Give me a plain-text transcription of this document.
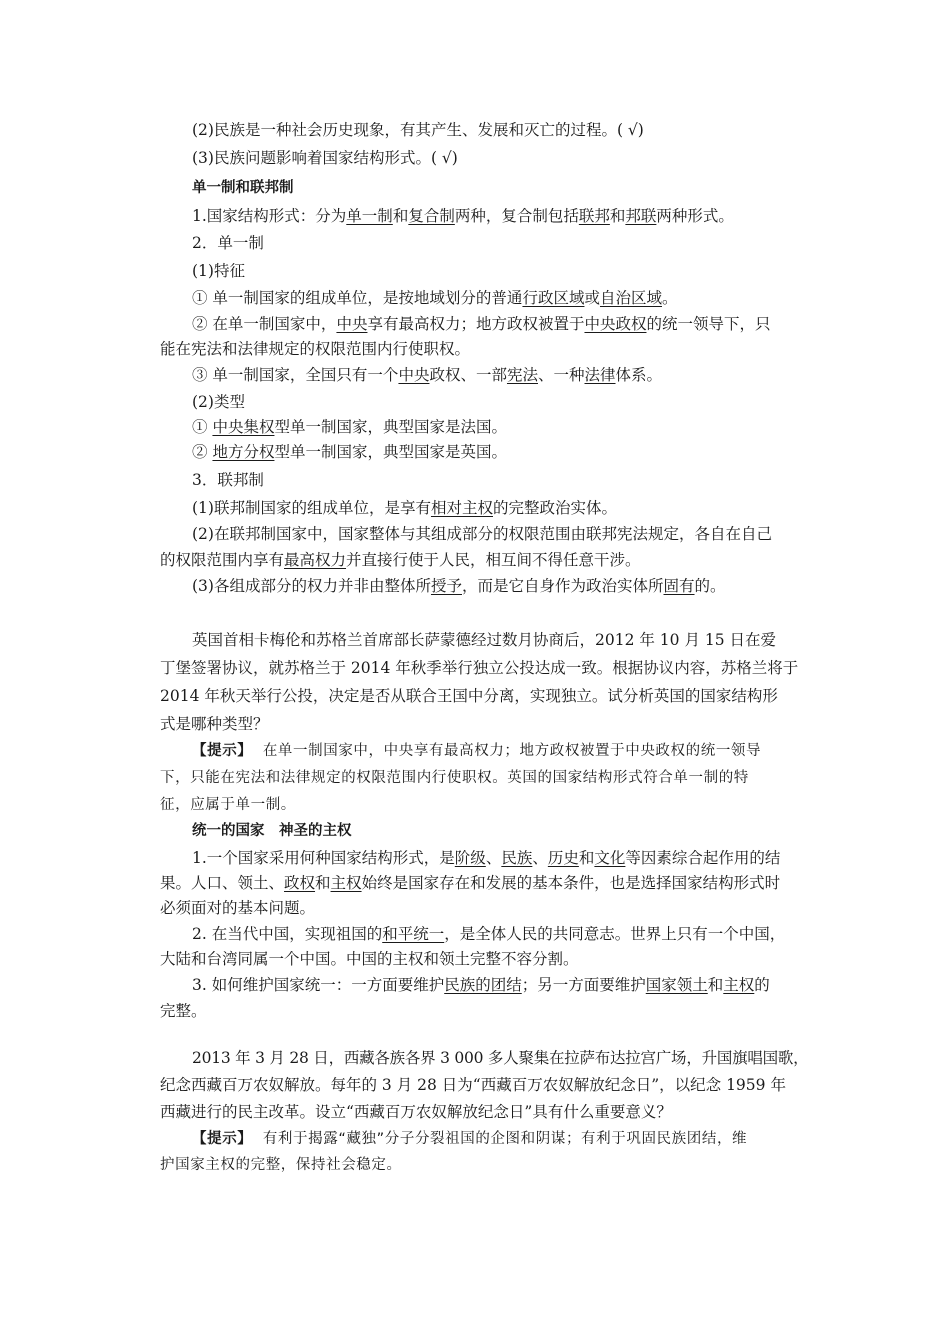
(2)民族是一种社会历史现象，有其产生、发展和灭亡的过程。( √)
(3)民族问题影响着国家结构形式。( √)
单一制和联邦制
1.国家结构形式：分为单一制和复合制两种，复合制包括联邦和邦联两种形式。
2．单一制
(1)特征
① 单一制国家的组成单位，是按地域划分的普通行政区域或自治区域。
② 在单一制国家中，中央享有最高权力；地方政权被置于中央政权的统一领导下，只
能在宪法和法律规定的权限范围内行使职权。
③ 单一制国家，全国只有一个中央政权、一部宪法、一种法律体系。
(2)类型
① 中央集权型单一制国家，典型国家是法国。
② 地方分权型单一制国家，典型国家是英国。
3．联邦制
(1)联邦制国家的组成单位，是享有相对主权的完整政治实体。
(2)在联邦制国家中，国家整体与其组成部分的权限范围由联邦宪法规定，各自在自己
的权限范围内享有最高权力并直接行使于人民，相互间不得任意干涉。
(3)各组成部分的权力并非由整体所授予，而是它自身作为政治实体所固有的。
英国首相卡梅伦和苏格兰首席部长萨蒙德经过数月协商后，2012 年 10 月 15 日在爱
丁堡签署协议，就苏格兰于 2014 年秋季举行独立公投达成一致。根据协议内容，苏格兰将于
2014 年秋天举行公投，决定是否从联合王国中分离，实现独立。试分析英国的国家结构形
式是哪种类型？
【提示】 在单一制国家中，中央享有最高权力；地方政权被置于中央政权的统一领导
下，只能在宪法和法律规定的权限范围内行使职权。英国的国家结构形式符合单一制的特
征，应属于单一制。
统一的国家　神圣的主权
1.一个国家采用何种国家结构形式，是阶级、民族、历史和文化等因素综合起作用的结
果。人口、领土、政权和主权始终是国家存在和发展的基本条件，也是选择国家结构形式时
必须面对的基本问题。
2. 在当代中国，实现祖国的和平统一，是全体人民的共同意志。世界上只有一个中国，
大陆和台湾同属一个中国。中国的主权和领土完整不容分割。
3. 如何维护国家统一：一方面要维护民族的团结；另一方面要维护国家领土和主权的
完整。
2013 年 3 月 28 日，西藏各族各界 3 000 多人聚集在拉萨布达拉宫广场，升国旗唱国歌，
纪念西藏百万农奴解放。每年的 3 月 28 日为“西藏百万农奴解放纪念日”，以纪念 1959 年
西藏进行的民主改革。设立“西藏百万农奴解放纪念日”具有什么重要意义？
【提示】 有利于揭露“藏独”分子分裂祖国的企图和阴谋；有利于巩固民族团结，维
护国家主权的完整，保持社会稳定。
